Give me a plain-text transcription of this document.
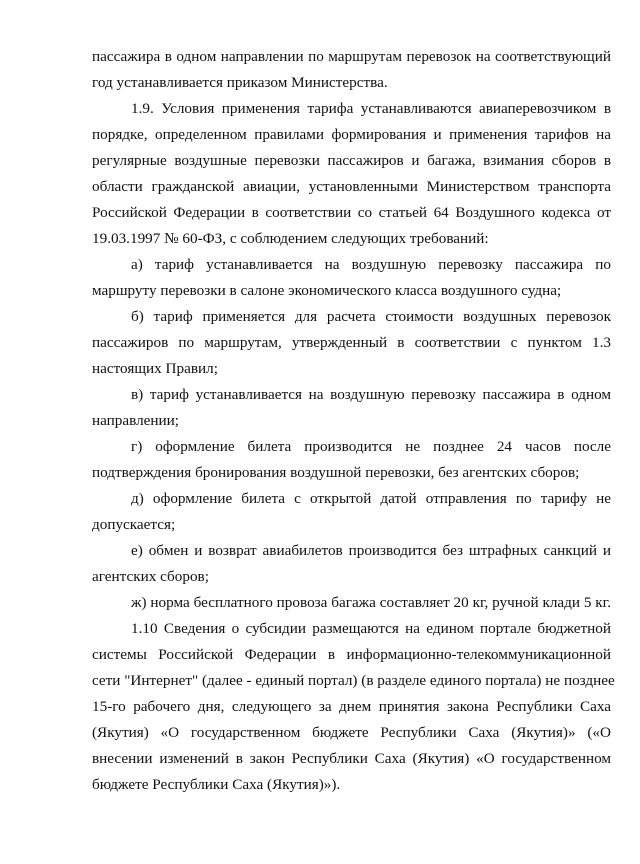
пассажира в одном направлении по маршрутам перевозок на соответствующий
год устанавливается приказом Министерства.
1.9. Условия применения тарифа устанавливаются авиаперевозчиком в
порядке, определенном правилами формирования и применения тарифов на
регулярные воздушные перевозки пассажиров и багажа, взимания сборов в
области гражданской авиации, установленными Министерством транспорта
Российской Федерации в соответствии со статьей 64 Воздушного кодекса от
19.03.1997 № 60-ФЗ, с соблюдением следующих требований:
а) тариф устанавливается на воздушную перевозку пассажира по
маршруту перевозки в салоне экономического класса воздушного судна;
б) тариф применяется для расчета стоимости воздушных перевозок
пассажиров по маршрутам, утвержденный в соответствии с пунктом 1.3
настоящих Правил;
в) тариф устанавливается на воздушную перевозку пассажира в одном
направлении;
г) оформление билета производится не позднее 24 часов после
подтверждения бронирования воздушной перевозки, без агентских сборов;
д) оформление билета с открытой датой отправления по тарифу не
допускается;
е) обмен и возврат авиабилетов производится без штрафных санкций и
агентских сборов;
ж) норма бесплатного провоза багажа составляет 20 кг, ручной клади 5 кг.
1.10 Сведения о субсидии размещаются на едином портале бюджетной
системы Российской Федерации в информационно-телекоммуникационной
сети "Интернет" (далее - единый портал) (в разделе единого портала) не позднее
15-го рабочего дня, следующего за днем принятия закона Республики Саха
(Якутия) «О государственном бюджете Республики Саха (Якутия)» («О
внесении изменений в закон Республики Саха (Якутия) «О государственном
бюджете Республики Саха (Якутия)»).
